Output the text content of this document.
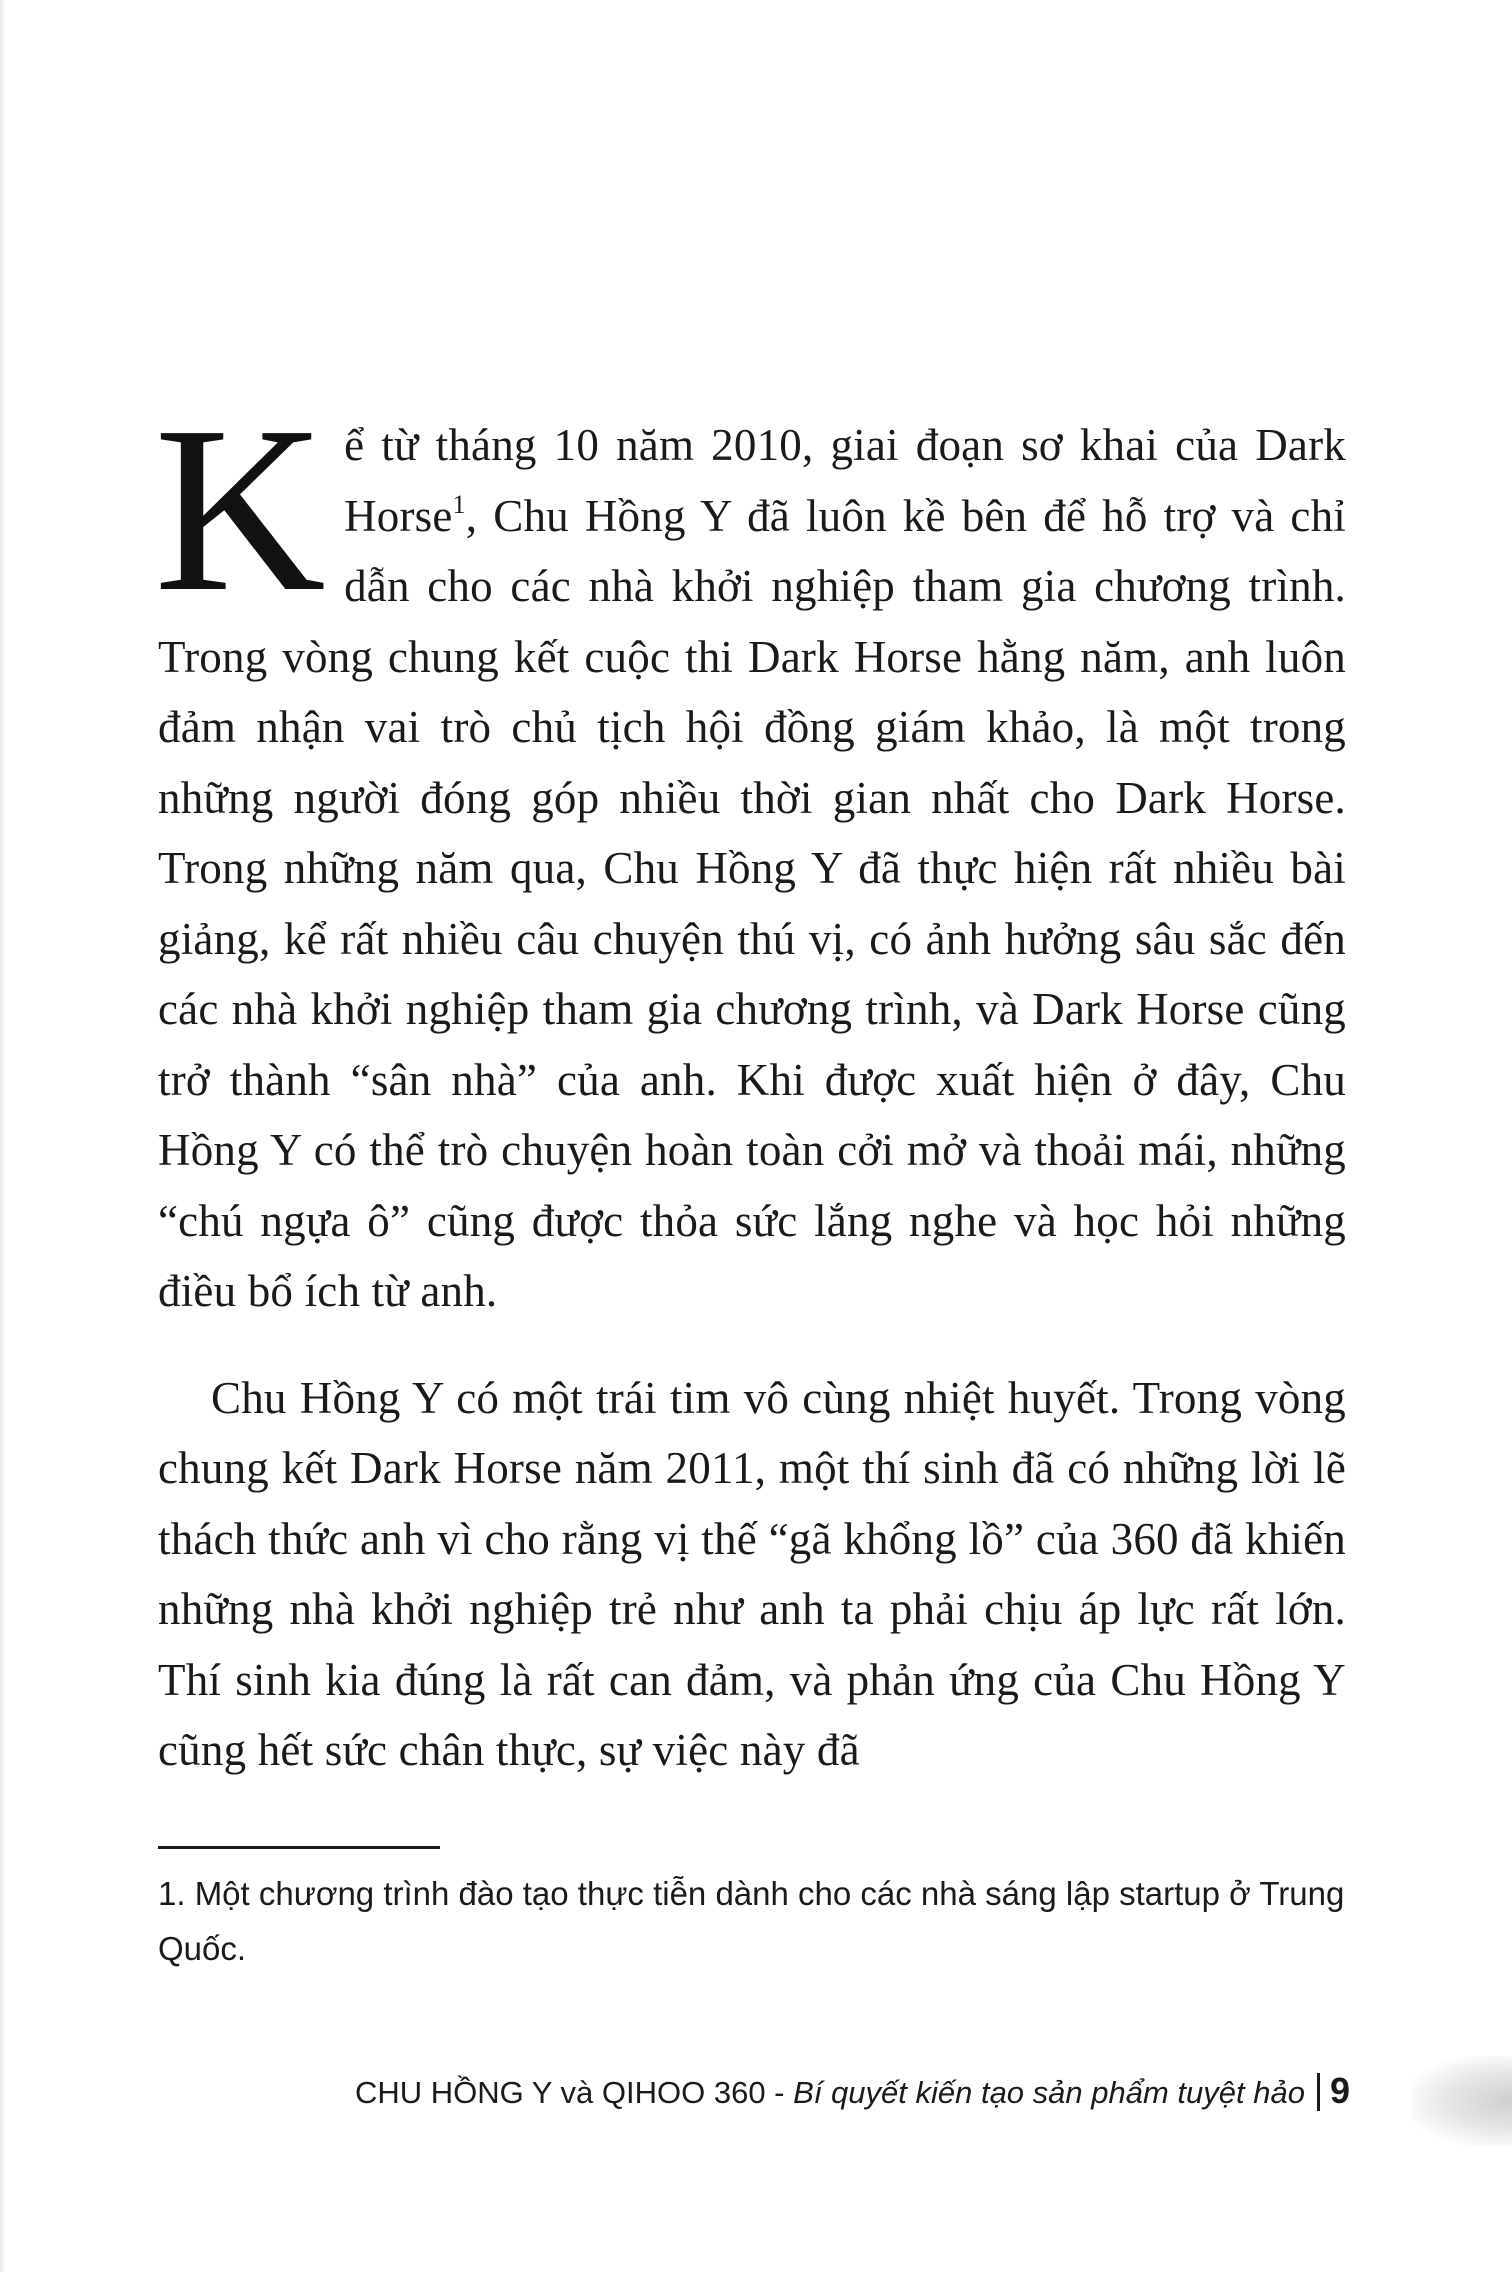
Kể từ tháng 10 năm 2010, giai đoạn sơ khai của Dark Horse$^1$, Chu Hồng Y đã luôn kề bên để hỗ trợ và chỉ dẫn cho các nhà khởi nghiệp tham gia chương trình. Trong vòng chung kết cuộc thi Dark Horse hằng năm, anh luôn đảm nhận vai trò chủ tịch hội đồng giám khảo, là một trong những người đóng góp nhiều thời gian nhất cho Dark Horse. Trong những năm qua, Chu Hồng Y đã thực hiện rất nhiều bài giảng, kể rất nhiều câu chuyện thú vị, có ảnh hưởng sâu sắc đến các nhà khởi nghiệp tham gia chương trình, và Dark Horse cũng trở thành “sân nhà” của anh. Khi được xuất hiện ở đây, Chu Hồng Y có thể trò chuyện hoàn toàn cởi mở và thoải mái, những “chú ngựa ô” cũng được thỏa sức lắng nghe và học hỏi những điều bổ ích từ anh.

Chu Hồng Y có một trái tim vô cùng nhiệt huyết. Trong vòng chung kết Dark Horse năm 2011, một thí sinh đã có những lời lẽ thách thức anh vì cho rằng vị thế “gã khổng lồ” của 360 đã khiến những nhà khởi nghiệp trẻ như anh ta phải chịu áp lực rất lớn. Thí sinh kia đúng là rất can đảm, và phản ứng của Chu Hồng Y cũng hết sức chân thực, sự việc này đã

1. Một chương trình đào tạo thực tiễn dành cho các nhà sáng lập startup ở Trung Quốc.
CHU HỒNG Y và QIHOO 360 - Bí quyết kiến tạo sản phẩm tuyệt hảo 9
